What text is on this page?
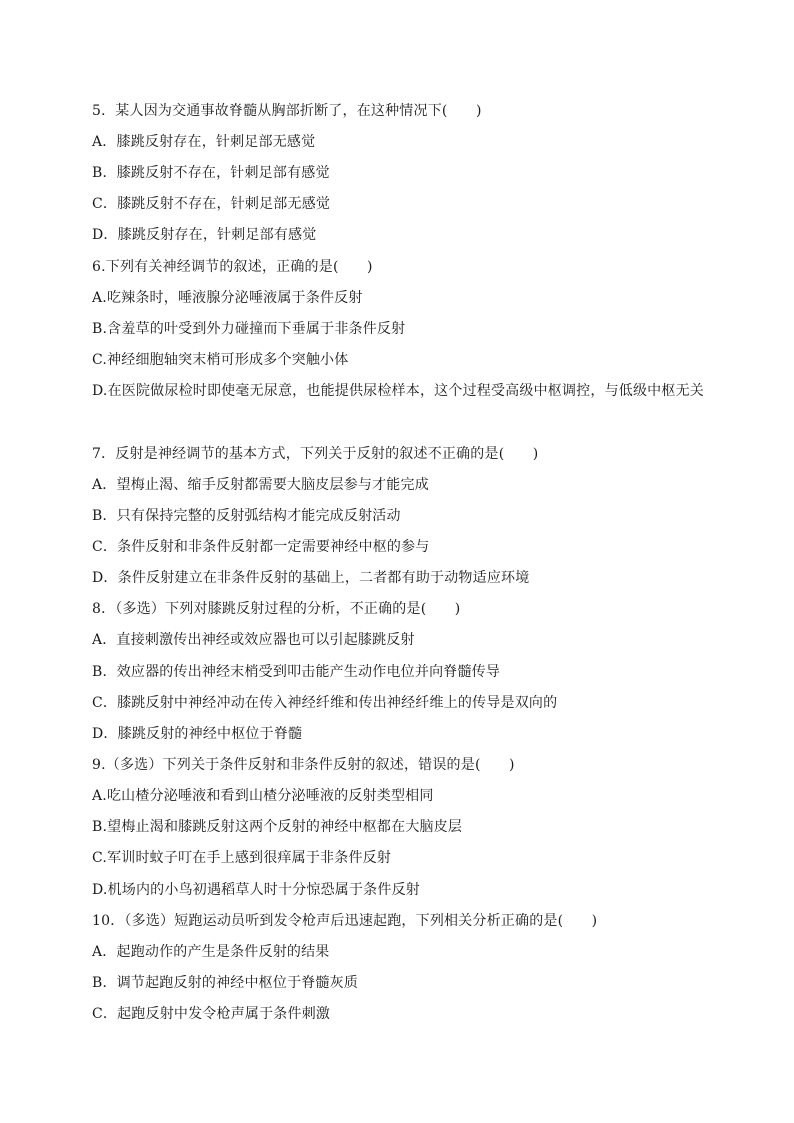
5．某人因为交通事故脊髓从胸部折断了，在这种情况下(　　)
A．膝跳反射存在，针刺足部无感觉
B．膝跳反射不存在，针刺足部有感觉
C．膝跳反射不存在，针刺足部无感觉
D．膝跳反射存在，针刺足部有感觉
6.下列有关神经调节的叙述，正确的是(　　)
A.吃辣条时，唾液腺分泌唾液属于条件反射
B.含羞草的叶受到外力碰撞而下垂属于非条件反射
C.神经细胞轴突末梢可形成多个突触小体
D.在医院做尿检时即使毫无尿意，也能提供尿检样本，这个过程受高级中枢调控，与低级中枢无关
7．反射是神经调节的基本方式，下列关于反射的叙述不正确的是(　　)
A．望梅止渴、缩手反射都需要大脑皮层参与才能完成
B．只有保持完整的反射弧结构才能完成反射活动
C．条件反射和非条件反射都一定需要神经中枢的参与
D．条件反射建立在非条件反射的基础上，二者都有助于动物适应环境
8．（多选）下列对膝跳反射过程的分析，不正确的是(　　)
A．直接刺激传出神经或效应器也可以引起膝跳反射
B．效应器的传出神经末梢受到叩击能产生动作电位并向脊髓传导
C．膝跳反射中神经冲动在传入神经纤维和传出神经纤维上的传导是双向的
D．膝跳反射的神经中枢位于脊髓
9.（多选）下列关于条件反射和非条件反射的叙述，错误的是(　　)
A.吃山楂分泌唾液和看到山楂分泌唾液的反射类型相同
B.望梅止渴和膝跳反射这两个反射的神经中枢都在大脑皮层
C.军训时蚊子叮在手上感到很痒属于非条件反射
D.机场内的小鸟初遇稻草人时十分惊恐属于条件反射
10．（多选）短跑运动员听到发令枪声后迅速起跑，下列相关分析正确的是(　　)
A．起跑动作的产生是条件反射的结果
B．调节起跑反射的神经中枢位于脊髓灰质
C．起跑反射中发令枪声属于条件刺激
